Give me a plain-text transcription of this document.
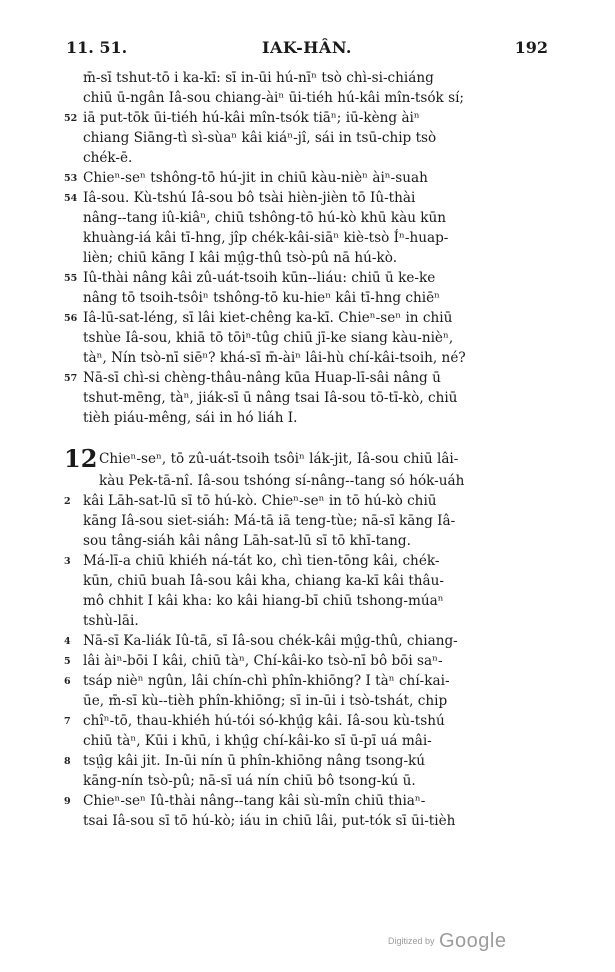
11. 51.	IAK-HÂN.	192
m̄-sī tshut-tō i ka-kī: sī in-ūi hú-nīⁿ tsò chì-si-chiáng
chiū ū-ngân Iâ-sou chiang-àiⁿ ūi-tiéh hú-kâi mîn-tsók sí;
52 iā put-tōk ūi-tiéh hú-kâi mîn-tsók tiāⁿ; iū-kèng àiⁿ
chiang Siāng-tì sì-sùaⁿ kâi kiáⁿ-jî, sái in tsū-chip tsò
chék-ē.
53 Chieⁿ-seⁿ tshông-tō hú-jit in chiū kàu-nièⁿ àiⁿ-suah
54 Iâ-sou. Kù-tshú Iâ-sou bô tsài hièn-jièn tō Iû-thài
nâng--tang iû-kiâⁿ, chiū tshông-tō hú-kò khū kàu kūn
khuàng-iá kâi tī-hng, jîp chék-kâi-siāⁿ kiè-tsò Íⁿ-huap-
lièn; chiū kāng I kâi mṳ̂g-thû tsò-pû nā hú-kò.
55 Iû-thài nâng kâi zû-uát-tsoih kūn--liáu: chiū ū ke-ke
nâng tō tsoih-tsôiⁿ tshông-tō ku-hieⁿ kâi tī-hng chiēⁿ
56 Iâ-lū-sat-léng, sī lâi kiet-chêng ka-kī. Chieⁿ-seⁿ in chiū
tshùe Iâ-sou, khiā tō tōiⁿ-tûg chiū jī-ke siang kàu-nièⁿ,
tàⁿ, Nín tsò-nī siēⁿ? khá-sī m̄-àiⁿ lâi-hù chí-kâi-tsoih, né?
57 Nā-sī chì-si chèng-thâu-nâng kūa Huap-lī-sâi nâng ū
tshut-mēng, tàⁿ, jiák-sī ū nâng tsai Iâ-sou tō-tī-kò, chiū
tièh piáu-mêng, sái in hó liáh I.
12 Chieⁿ-seⁿ, tō zû-uát-tsoih tsôiⁿ lák-jit, Iâ-sou chiū lâi-
kàu Pek-tā-nî. Iâ-sou tshóng sí-nâng--tang só hók-uáh
2 kâi Lāh-sat-lū sī tō hú-kò. Chieⁿ-seⁿ in tō hú-kò chiū
kāng Iâ-sou siet-siáh: Má-tā iā teng-tùe; nā-sī kāng Iâ-
sou tâng-siáh kâi nâng Lāh-sat-lū sī tō khī-tang.
3 Má-lī-a chiū khiéh ná-tát ko, chì tien-tōng kâi, chék-
kūn, chiū buah Iâ-sou kâi kha, chiang ka-kī kâi thâu-
mô chhit I kâi kha: ko kâi hiang-bī chiū tshong-múaⁿ
tshù-lāi.
4 Nā-sī Ka-liák Iû-tā, sī Iâ-sou chék-kâi mṳ̂g-thû, chiang-
5 lâi àiⁿ-bōi I kâi, chiū tàⁿ, Chí-kâi-ko tsò-nī bô bōi saⁿ-
6 tsáp nièⁿ ngûn, lâi chín-chì phîn-khiōng? I tàⁿ chí-kai-
ūe, m̄-sī kù--tièh phîn-khiōng; sī in-ūi i tsò-tshát, chip
7 chîⁿ-tō, thau-khiéh hú-tói só-khṳ̂g kâi. Iâ-sou kù-tshú
chiū tàⁿ, Kūi i khū, i khṳ̂g chí-kâi-ko sī ū-pī uá mâi-
8 tsṳ̂g kâi jit. In-ūi nín ū phîn-khiōng nâng tsong-kú
kāng-nín tsò-pû; nā-sī uá nín chiū bô tsong-kú ū.
9 Chieⁿ-seⁿ Iû-thài nâng--tang kâi sù-mîn chiū thiaⁿ-
tsai Iâ-sou sī tō hú-kò; iáu in chiū lâi, put-tók sī ūi-tièh
Digitized by Google
